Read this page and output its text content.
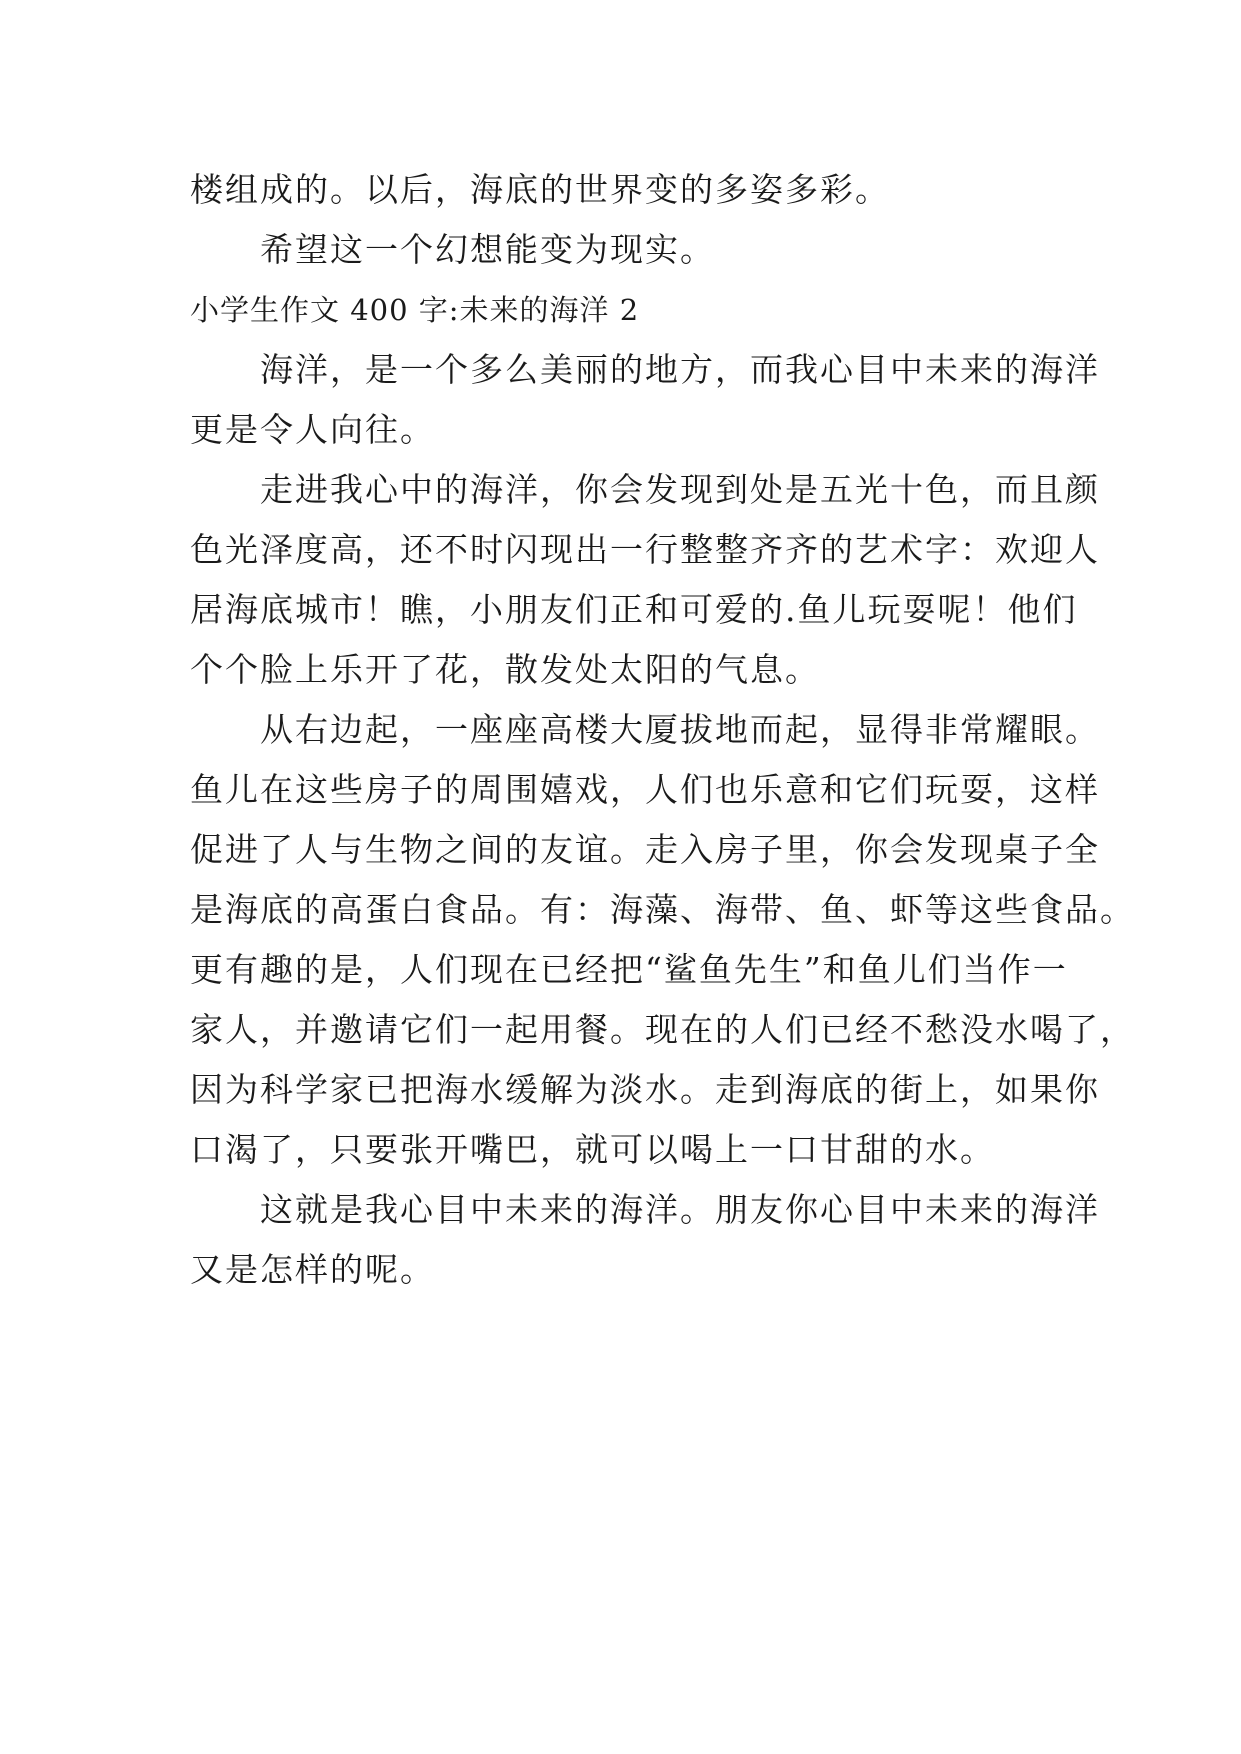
楼组成的。以后，海底的世界变的多姿多彩。
希望这一个幻想能变为现实。
小学生作文 400 字:未来的海洋 2
海洋，是一个多么美丽的地方，而我心目中未来的海洋
更是令人向往。
走进我心中的海洋，你会发现到处是五光十色，而且颜
色光泽度高，还不时闪现出一行整整齐齐的艺术字：欢迎人
居海底城市！瞧，小朋友们正和可爱的.鱼儿玩耍呢！他们
个个脸上乐开了花，散发处太阳的气息。
从右边起，一座座高楼大厦拔地而起，显得非常耀眼。
鱼儿在这些房子的周围嬉戏，人们也乐意和它们玩耍，这样
促进了人与生物之间的友谊。走入房子里，你会发现桌子全
是海底的高蛋白食品。有：海藻、海带、鱼、虾等这些食品。
更有趣的是，人们现在已经把“鲨鱼先生”和鱼儿们当作一
家人，并邀请它们一起用餐。现在的人们已经不愁没水喝了，
因为科学家已把海水缓解为淡水。走到海底的街上，如果你
口渴了，只要张开嘴巴，就可以喝上一口甘甜的水。
这就是我心目中未来的海洋。朋友你心目中未来的海洋
又是怎样的呢。
